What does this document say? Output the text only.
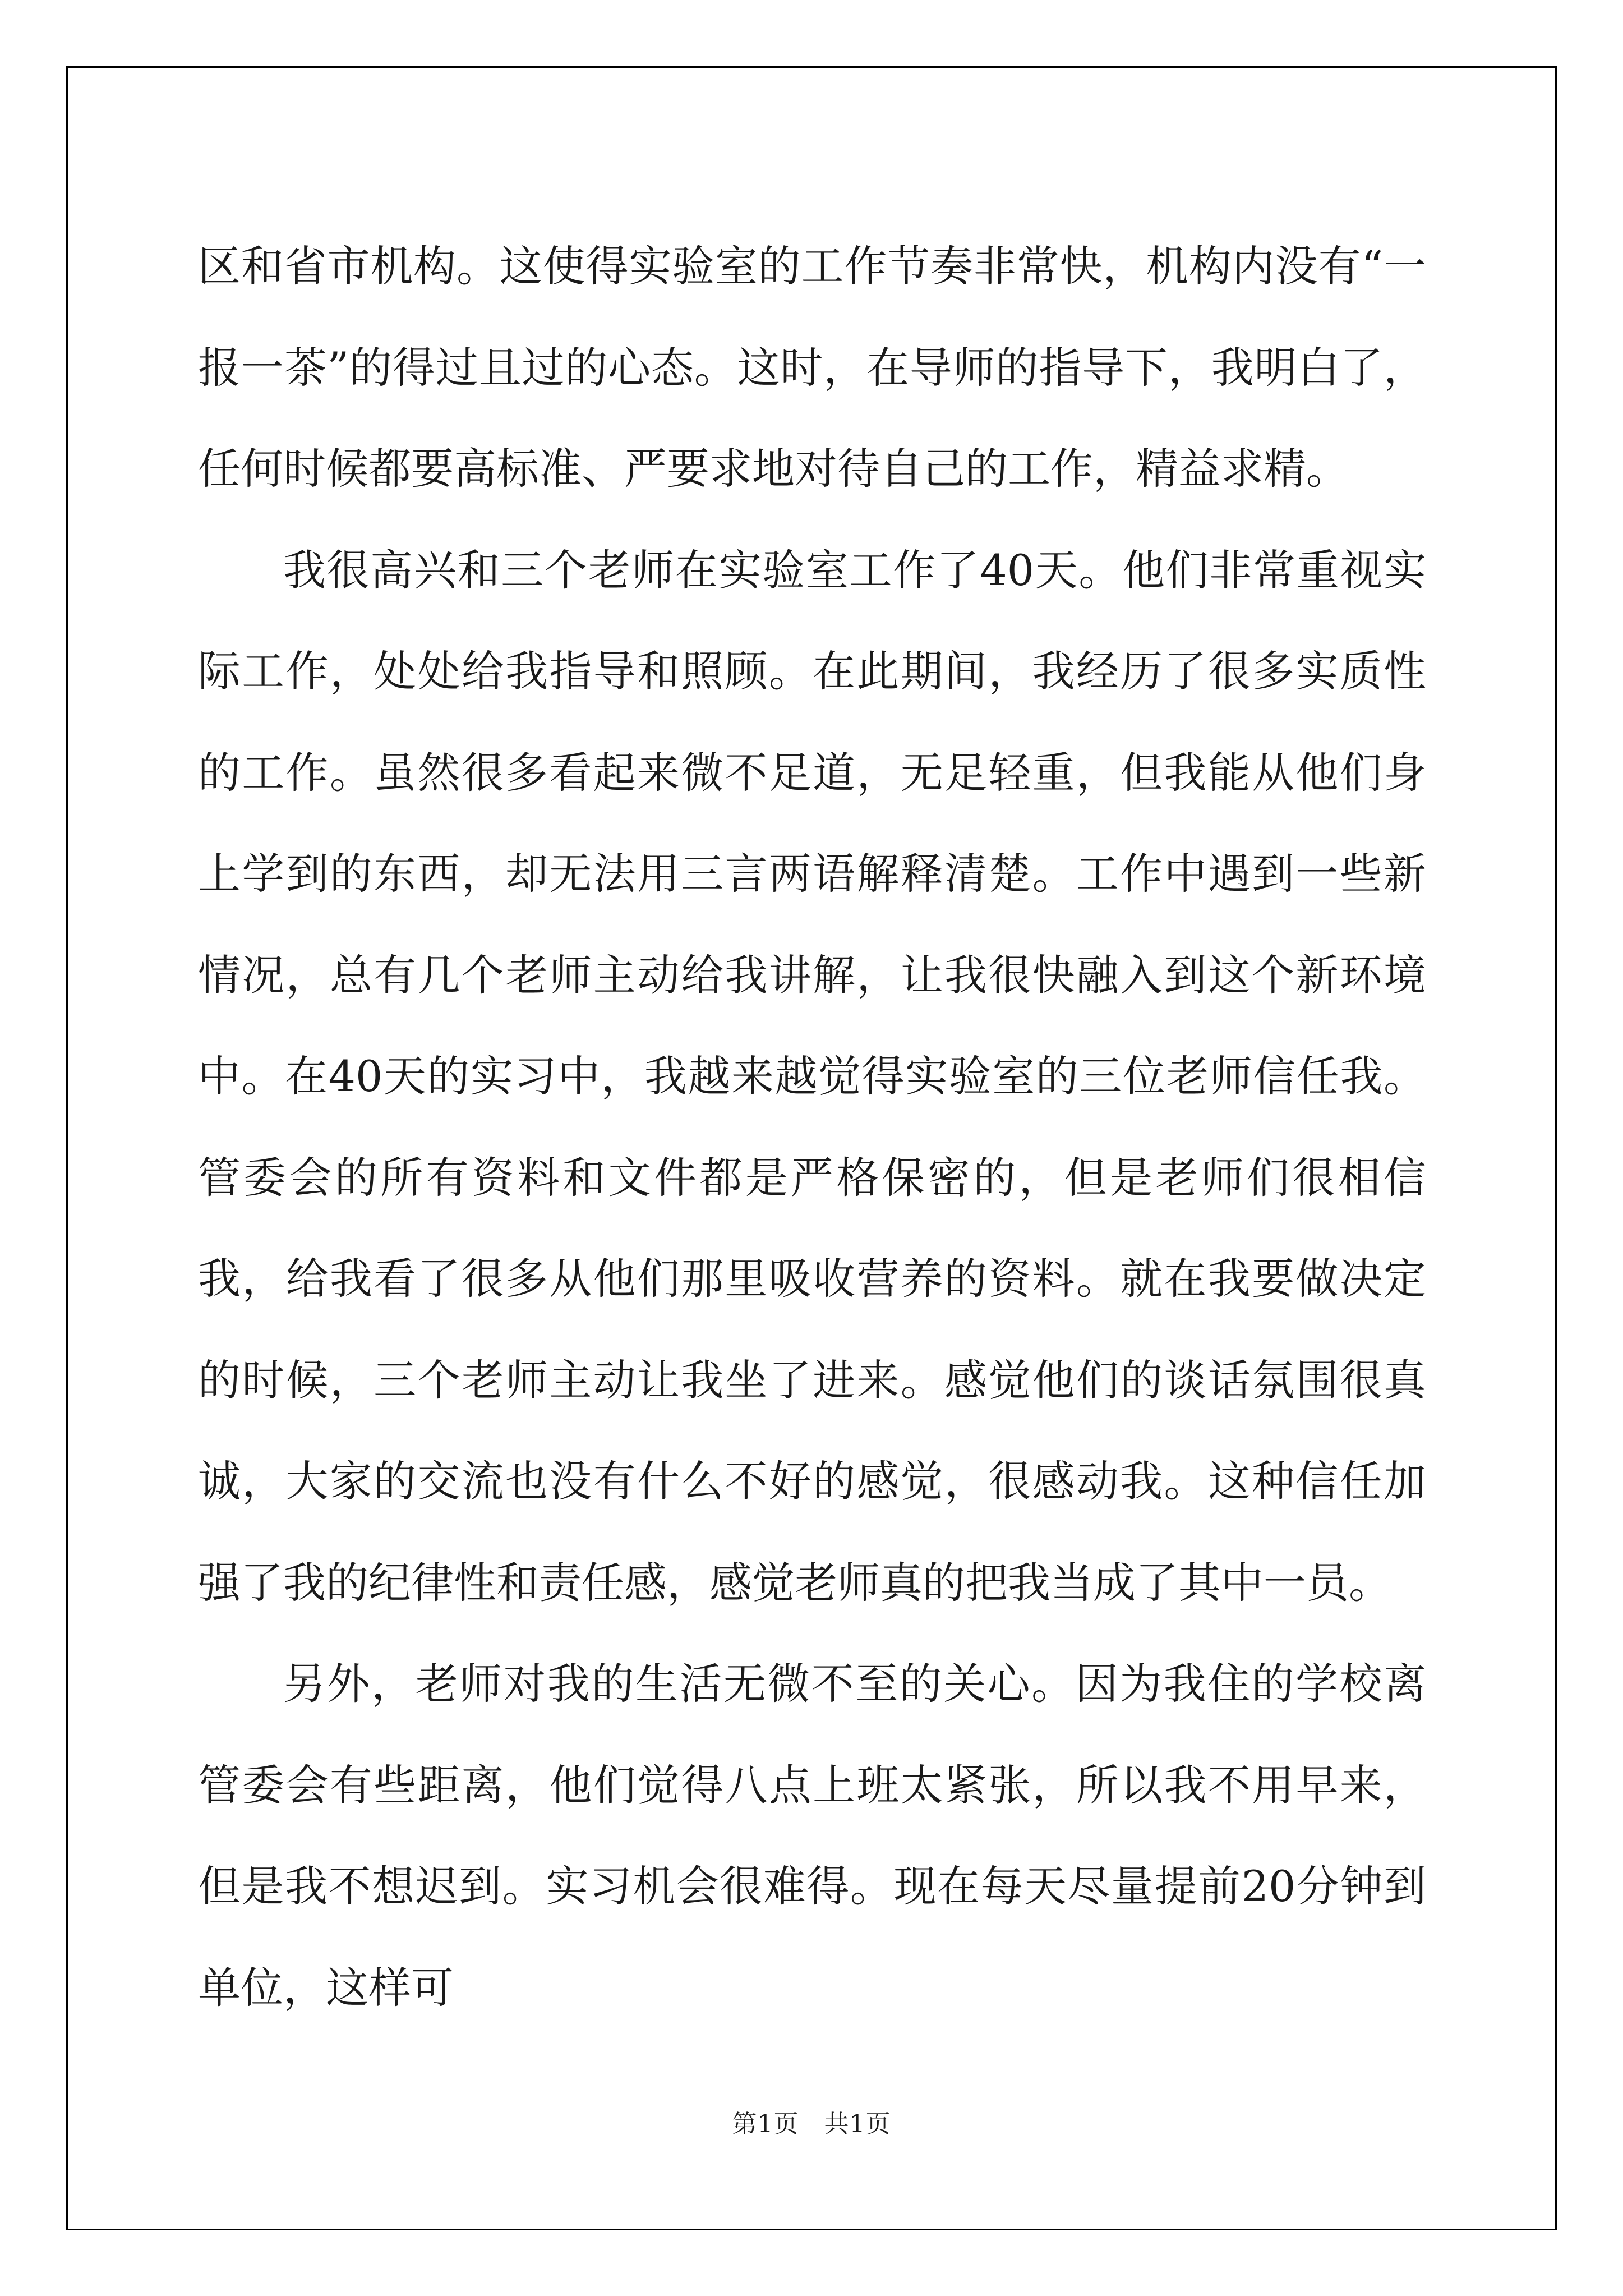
区和省市机构。这使得实验室的工作节奏非常快，机构内没有“一报一茶”的得过且过的心态。这时，在导师的指导下，我明白了，任何时候都要高标准、严要求地对待自己的工作，精益求精。

我很高兴和三个老师在实验室工作了40天。他们非常重视实际工作，处处给我指导和照顾。在此期间，我经历了很多实质性的工作。虽然很多看起来微不足道，无足轻重，但我能从他们身上学到的东西，却无法用三言两语解释清楚。工作中遇到一些新情况，总有几个老师主动给我讲解，让我很快融入到这个新环境中。在40天的实习中，我越来越觉得实验室的三位老师信任我。管委会的所有资料和文件都是严格保密的，但是老师们很相信我，给我看了很多从他们那里吸收营养的资料。就在我要做决定的时候，三个老师主动让我坐了进来。感觉他们的谈话氛围很真诚，大家的交流也没有什么不好的感觉，很感动我。这种信任加强了我的纪律性和责任感，感觉老师真的把我当成了其中一员。

另外，老师对我的生活无微不至的关心。因为我住的学校离管委会有些距离，他们觉得八点上班太紧张，所以我不用早来，但是我不想迟到。实习机会很难得。现在每天尽量提前20分钟到单位，这样可

第1页 共1页
